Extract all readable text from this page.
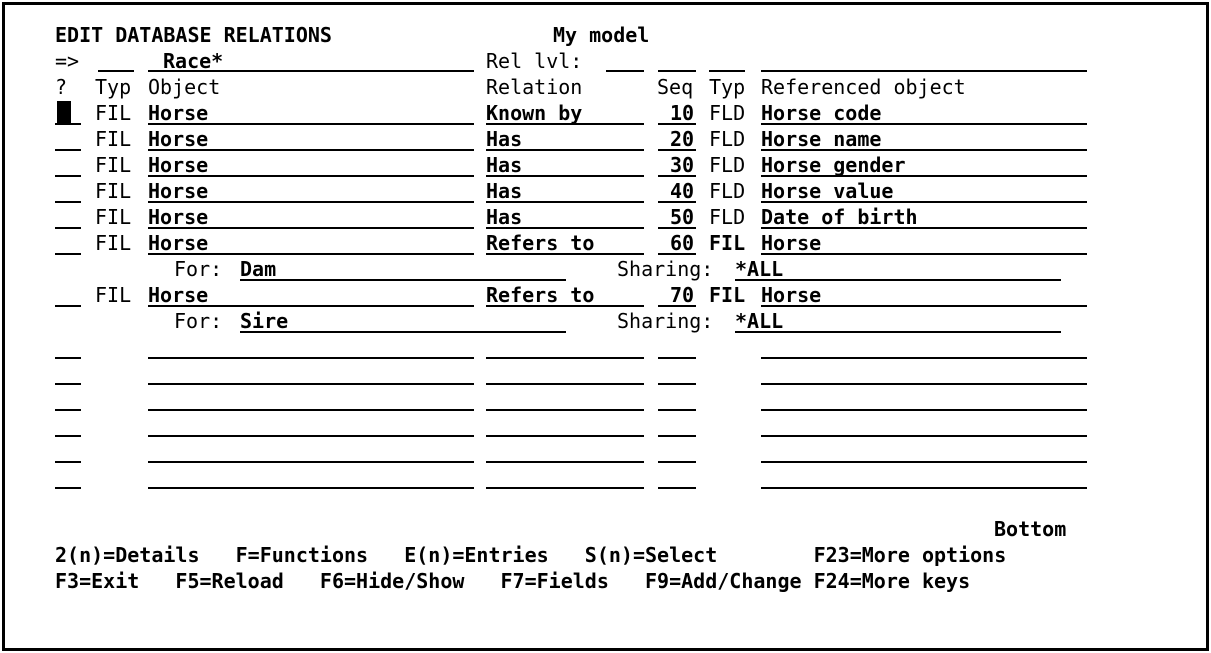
EDIT DATABASE RELATIONS	My model
=>	Race*	Rel lvl:
? Typ Object	Relation	Seq Typ Referenced object
FIL Horse	Known by	10 FLD Horse code
FIL Horse	Has	20 FLD Horse name
FIL Horse	Has	30 FLD Horse gender
FIL Horse	Has	40 FLD Horse value
FIL Horse	Has	50 FLD Date of birth
FIL Horse	Refers to	60 FIL Horse
For: Dam	Sharing: *ALL
FIL Horse	Refers to	70 FIL Horse
For: Sire	Sharing: *ALL
Bottom
2(n)=Details   F=Functions   E(n)=Entries   S(n)=Select        F23=More options
F3=Exit   F5=Reload   F6=Hide/Show   F7=Fields   F9=Add/Change F24=More keys
